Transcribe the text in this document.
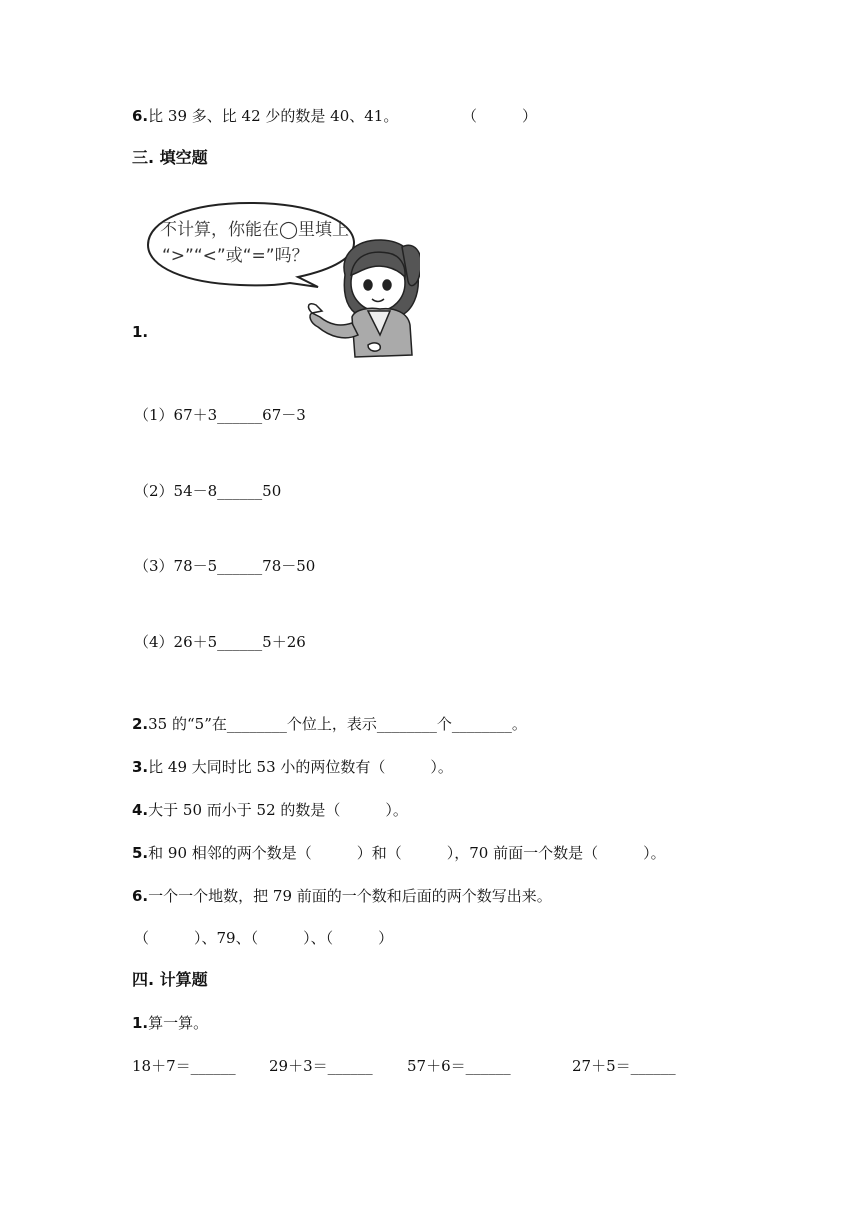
6.比 39 多、比 42 少的数是 40、41。	（　　　）
三. 填空题
不计算，你能在◯里填上
“>”“<”或“=”吗？
1.
（1）67＋3______67－3
（2）54－8______50
（3）78－5______78－50
（4）26＋5______5＋26
2.35 的“5”在________个位上，表示________个________。
3.比 49 大同时比 53 小的两位数有（　　　）。
4.大于 50 而小于 52 的数是（　　　）。
5.和 90 相邻的两个数是（　　　）和（　　　），70 前面一个数是（　　　）。
6.一个一个地数，把 79 前面的一个数和后面的两个数写出来。
（　　　）、79、（　　　）、（　　　）
四. 计算题
1.算一算。
18＋7＝______ 29＋3＝______ 57＋6＝______	27＋5＝______
